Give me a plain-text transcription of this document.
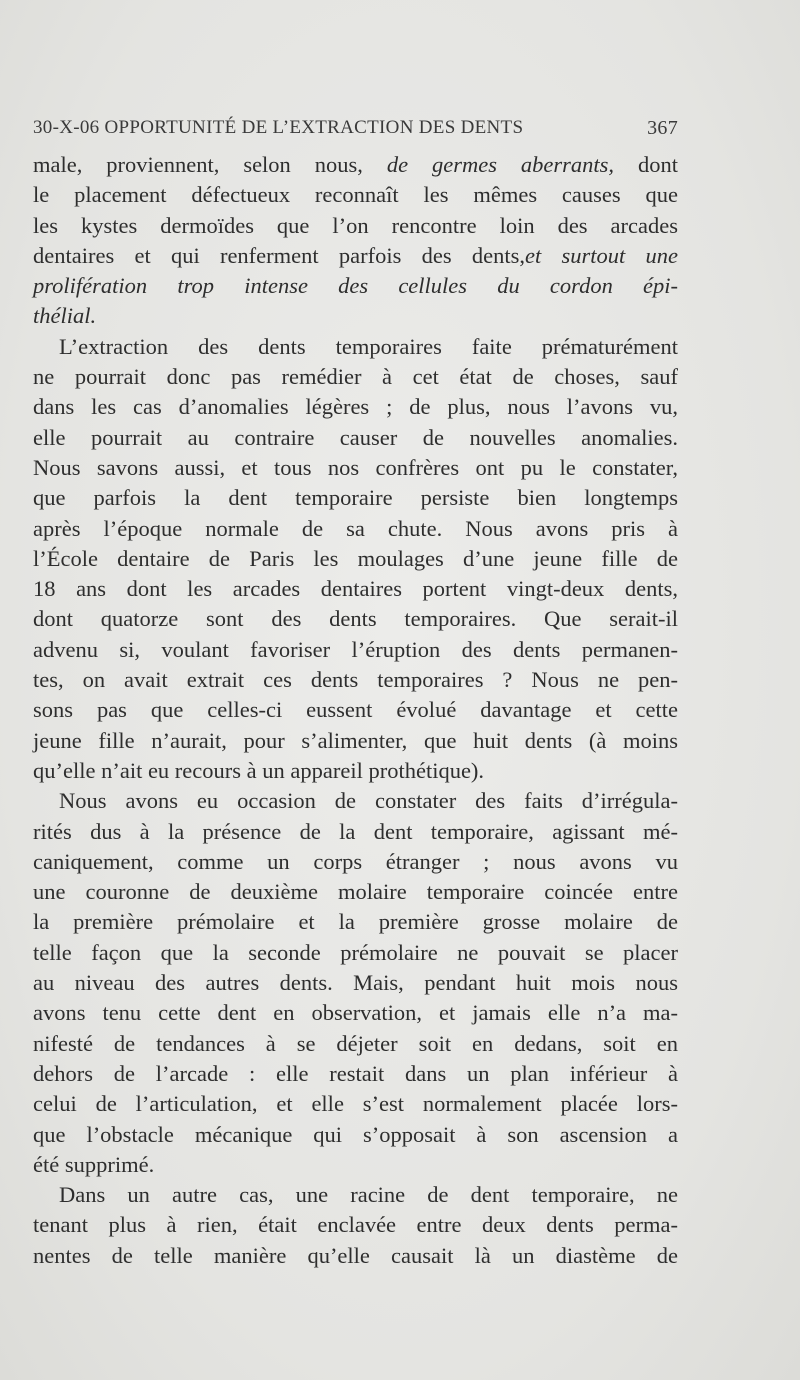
30-X-06 OPPORTUNITÉ DE L’EXTRACTION DES DENTS	367
male, proviennent, selon nous, de germes aberrants, dont
le placement défectueux reconnaît les mêmes causes que
les kystes dermoïdes que l’on rencontre loin des arcades
dentaires et qui renferment parfois des dents,et surtout une
prolifération trop intense des cellules du cordon épi-
thélial.
L’extraction des dents temporaires faite prématurément
ne pourrait donc pas remédier à cet état de choses, sauf
dans les cas d’anomalies légères ; de plus, nous l’avons vu,
elle pourrait au contraire causer de nouvelles anomalies.
Nous savons aussi, et tous nos confrères ont pu le constater,
que parfois la dent temporaire persiste bien longtemps
après l’époque normale de sa chute. Nous avons pris à
l’École dentaire de Paris les moulages d’une jeune fille de
18 ans dont les arcades dentaires portent vingt-deux dents,
dont quatorze sont des dents temporaires. Que serait-il
advenu si, voulant favoriser l’éruption des dents permanen-
tes, on avait extrait ces dents temporaires ? Nous ne pen-
sons pas que celles-ci eussent évolué davantage et cette
jeune fille n’aurait, pour s’alimenter, que huit dents (à moins
qu’elle n’ait eu recours à un appareil prothétique).
Nous avons eu occasion de constater des faits d’irrégula-
rités dus à la présence de la dent temporaire, agissant mé-
caniquement, comme un corps étranger ; nous avons vu
une couronne de deuxième molaire temporaire coincée entre
la première prémolaire et la première grosse molaire de
telle façon que la seconde prémolaire ne pouvait se placer
au niveau des autres dents. Mais, pendant huit mois nous
avons tenu cette dent en observation, et jamais elle n’a ma-
nifesté de tendances à se déjeter soit en dedans, soit en
dehors de l’arcade : elle restait dans un plan inférieur à
celui de l’articulation, et elle s’est normalement placée lors-
que l’obstacle mécanique qui s’opposait à son ascension a
été supprimé.
Dans un autre cas, une racine de dent temporaire, ne
tenant plus à rien, était enclavée entre deux dents perma-
nentes de telle manière qu’elle causait là un diastème de
